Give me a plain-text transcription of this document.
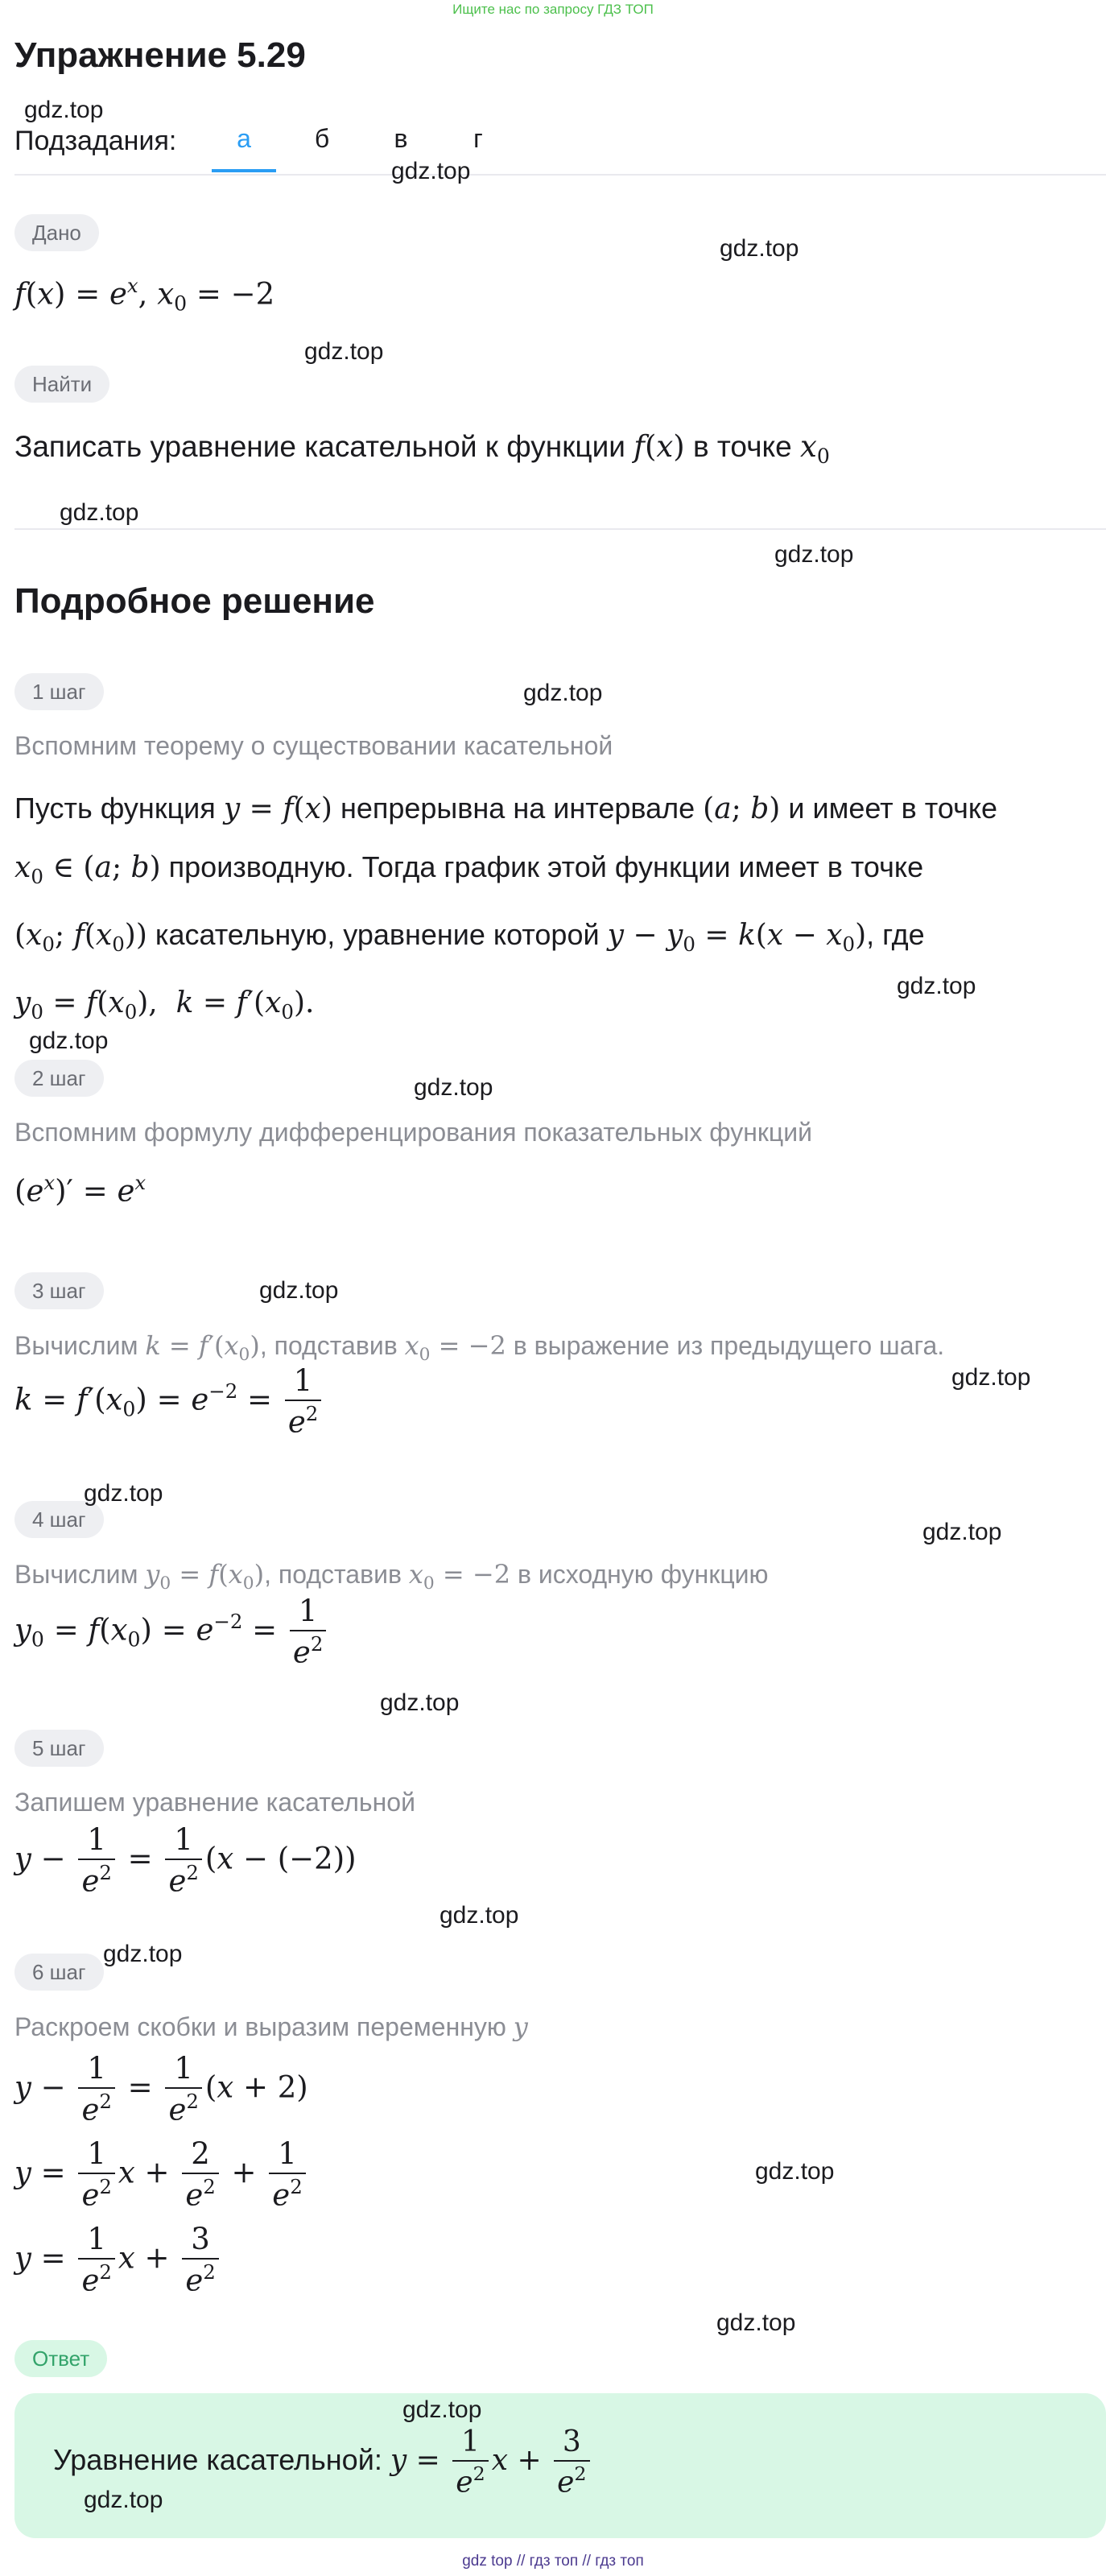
Ищите нас по запросу ГДЗ ТОП
Упражнение 5.29
Подзадания:	а	б	в	г
Дано
$f(x) = e^x$, $x_0 = -2$
Найти
Записать уравнение касательной к функции f(x) в точке $x_0$
Подробное решение
1 шаг
Вспомним теорему о существовании касательной
Пусть функция y = f(x) непрерывна на интервале (a; b) и имеет в точке
$x_0$ ∈ (a; b) производную. Тогда график этой функции имеет в точке
($x_0$; $f(x_0)$) касательную, уравнение которой $y - y_0 = k(x - x_0)$, где
$y_0 = f(x_0)$,  $k = f'(x_0)$.
2 шаг
Вспомним формулу дифференцирования показательных функций
$(e^x)' = e^x$
3 шаг
Вычислим $k = f'(x_0)$, подставив $x_0 = -2$ в выражение из предыдущего шага.
$k = f'(x_0) = e^{-2} = \frac{1}{e^2}$
4 шаг
Вычислим $y_0 = f(x_0)$, подставив $x_0 = -2$ в исходную функцию
$y_0 = f(x_0) = e^{-2} = \frac{1}{e^2}$
5 шаг
Запишем уравнение касательной
$y - \frac{1}{e^2} = \frac{1}{e^2} (x - (-2))$
6 шаг
Раскроем скобки и выразим переменную y
$y - \frac{1}{e^2} = \frac{1}{e^2} (x + 2)$
$y = \frac{1}{e^2}$ $x + \frac{2}{e^2} + \frac{1}{e^2}$
$y = \frac{1}{e^2}$ $x + \frac{3}{e^2}$
Ответ
Уравнение касательной: $y = \frac{1}{e^2}$ $x + \frac{3}{e^2}$
gdz.top
gdz.top
gdz.top
gdz.top
gdz.top
gdz.top
gdz.top
gdz.top
gdz.top
gdz.top
gdz.top
gdz.top
gdz.top
gdz.top
gdz.top
gdz.top
gdz.top
gdz.top
gdz.top
gdz.top
gdz.top
gdz top // гдз топ // гдз топ
